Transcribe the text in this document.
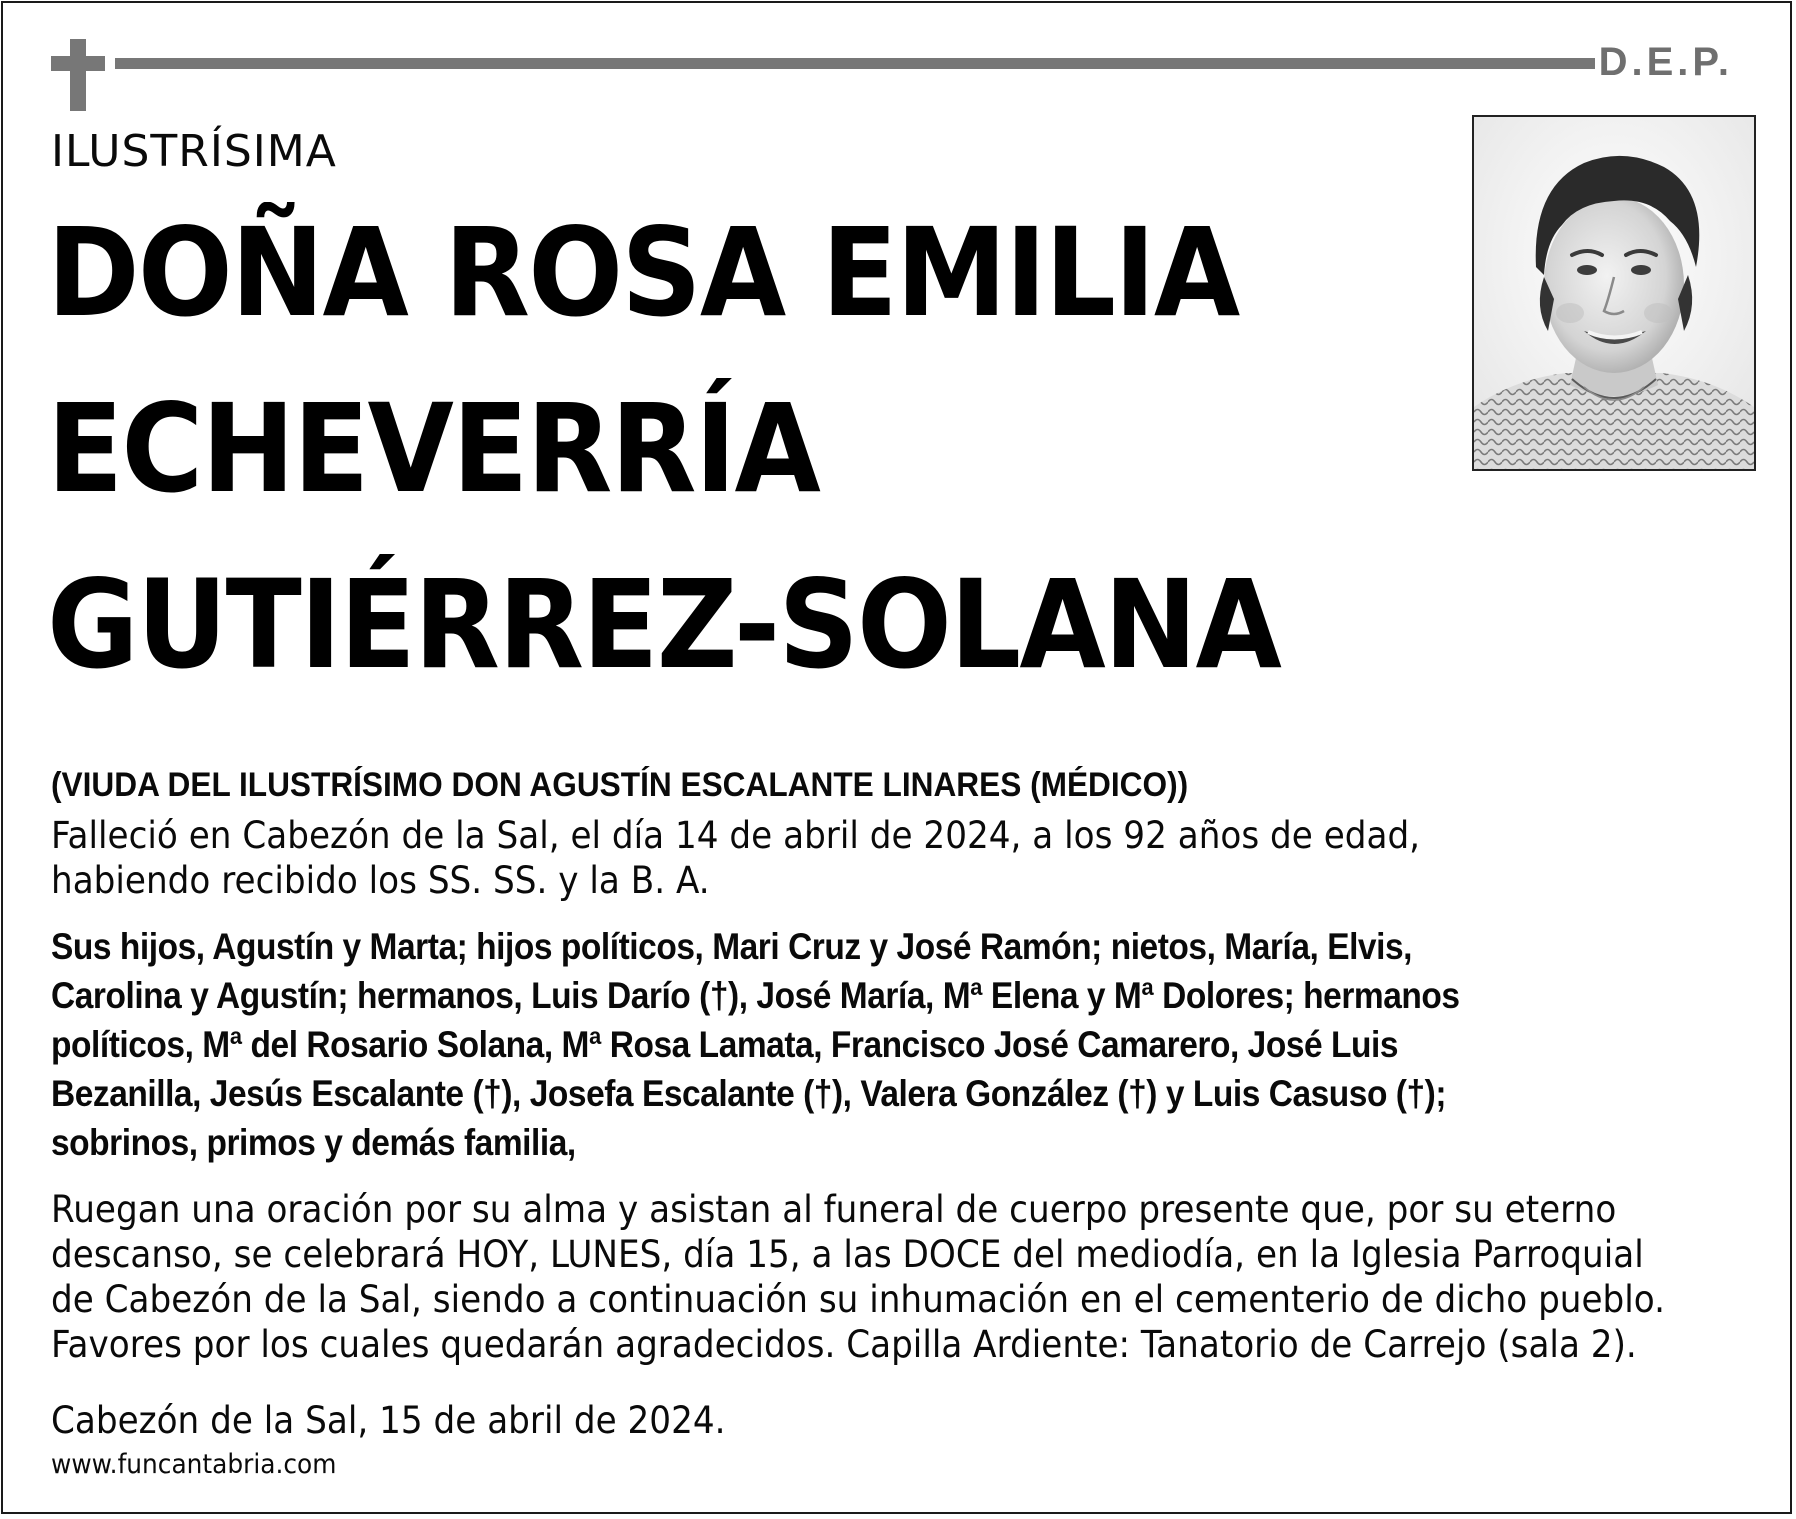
D.E.P.
ILUSTRÍSIMA
DOÑA ROSA EMILIA
ECHEVERRÍA
GUTIÉRREZ-SOLANA
(VIUDA DEL ILUSTRÍSIMO DON AGUSTÍN ESCALANTE LINARES (MÉDICO))
Falleció en Cabezón de la Sal, el día 14 de abril de 2024, a los 92 años de edad,
habiendo recibido los SS. SS. y la B. A.
Sus hijos, Agustín y Marta; hijos políticos, Mari Cruz y José Ramón; nietos, María, Elvis,
Carolina y Agustín; hermanos, Luis Darío (†), José María, Mª Elena y Mª Dolores; hermanos
políticos, Mª del Rosario Solana, Mª Rosa Lamata, Francisco José Camarero, José Luis
Bezanilla, Jesús Escalante (†), Josefa Escalante (†), Valera González (†) y Luis Casuso (†);
sobrinos, primos y demás familia,
Ruegan una oración por su alma y asistan al funeral de cuerpo presente que, por su eterno
descanso, se celebrará HOY, LUNES, día 15, a las DOCE del mediodía, en la Iglesia Parroquial
de Cabezón de la Sal, siendo a continuación su inhumación en el cementerio de dicho pueblo.
Favores por los cuales quedarán agradecidos. Capilla Ardiente: Tanatorio de Carrejo (sala 2).
Cabezón de la Sal, 15 de abril de 2024.
www.funcantabria.com
